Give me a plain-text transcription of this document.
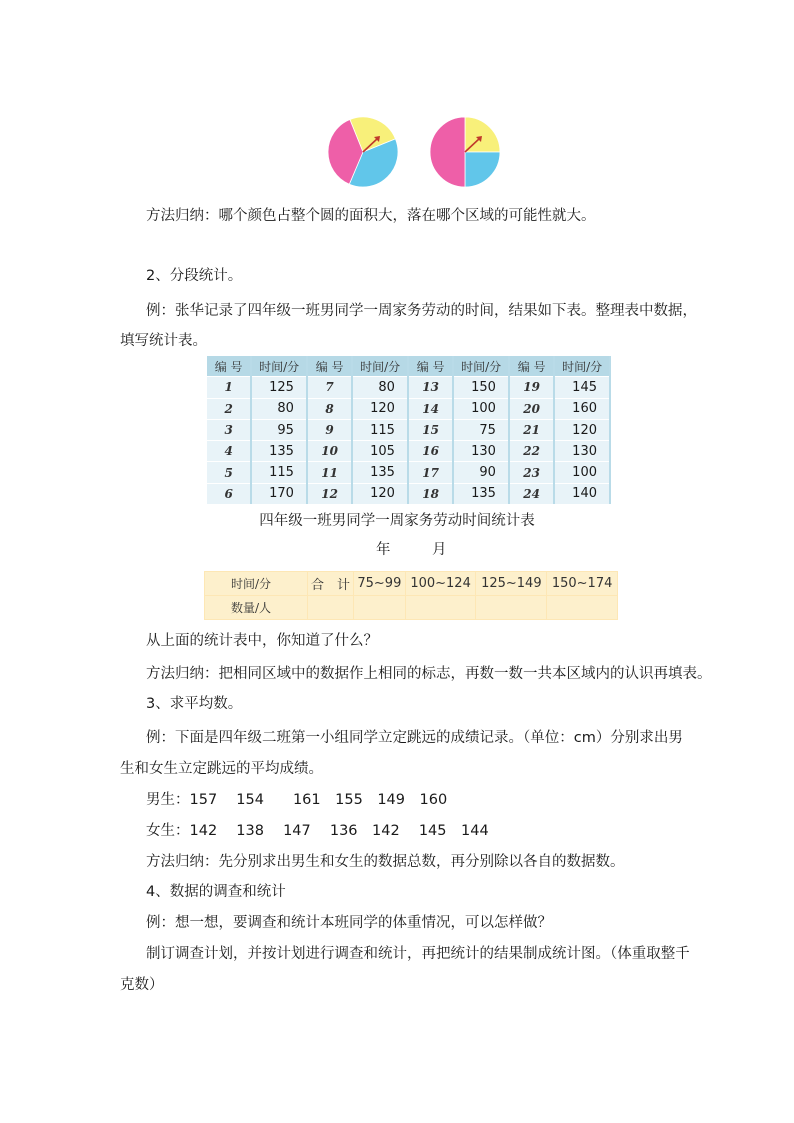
方法归纳：哪个颜色占整个圆的面积大，落在哪个区域的可能性就大。
2、分段统计。
例：张华记录了四年级一班男同学一周家务劳动的时间，结果如下表。整理表中数据，
填写统计表。
编 号	时间/分	编 号	时间/分	编 号	时间/分	编 号	时间/分
1	125	7	80	13	150	19	145
2	80	8	120	14	100	20	160
3	95	9	115	15	75	21	120
4	135	10	105	16	130	22	130
5	115	11	135	17	90	23	100
6	170	12	120	18	135	24	140
四年级一班男同学一周家务劳动时间统计表
年	月
时间/分	合　计	75~99	100~124	125~149	150~174
数量/人					
从上面的统计表中，你知道了什么？
方法归纳：把相同区域中的数据作上相同的标志，再数一数一共本区域内的认识再填表。
3、求平均数。
例：下面是四年级二班第一小组同学立定跳远的成绩记录。（单位：cm）分别求出男
生和女生立定跳远的平均成绩。
男生：157　 154　　161　155　149　160
女生：142　 138　 147　 136　142　 145　144
方法归纳：先分别求出男生和女生的数据总数，再分别除以各自的数据数。
4、数据的调查和统计
例：想一想，要调查和统计本班同学的体重情况，可以怎样做？
制订调查计划，并按计划进行调查和统计，再把统计的结果制成统计图。（体重取整千
克数）
